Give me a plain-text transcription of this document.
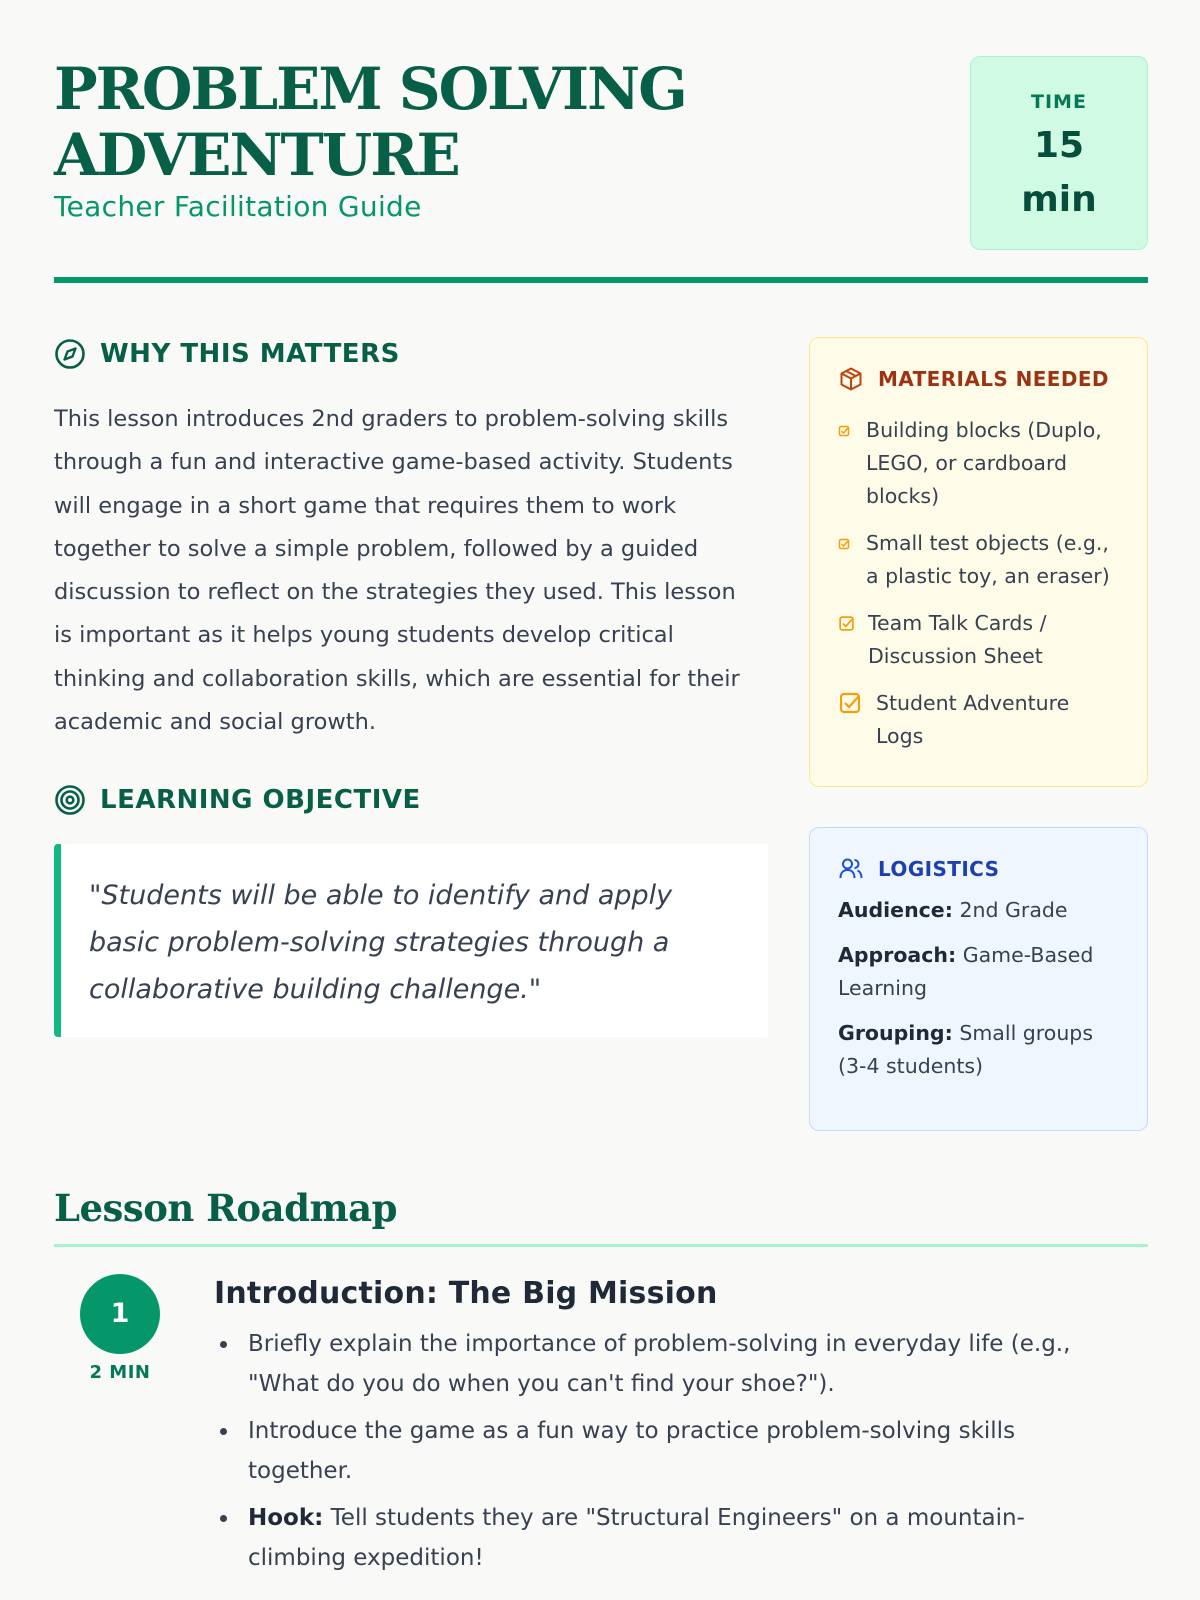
PROBLEM SOLVING ADVENTURE
Teacher Facilitation Guide
TIME
15
min
WHY THIS MATTERS

This lesson introduces 2nd graders to problem-solving skills through a fun and interactive game-based activity. Students will engage in a short game that requires them to work together to solve a simple problem, followed by a guided discussion to reflect on the strategies they used. This lesson is important as it helps young students develop critical thinking and collaboration skills, which are essential for their academic and social growth.

LEARNING OBJECTIVE

"Students will be able to identify and apply basic problem-solving strategies through a collaborative building challenge."

MATERIALS NEEDED
Building blocks (Duplo, LEGO, or cardboard blocks)
Small test objects (e.g., a plastic toy, an eraser)
Team Talk Cards / Discussion Sheet
Student Adventure Logs
LOGISTICS

Audience: 2nd Grade

Approach: Game-Based Learning

Grouping: Small groups (3-4 students)

Lesson Roadmap
1
2 MIN
Introduction: The Big Mission
Briefly explain the importance of problem-solving in everyday life (e.g., "What do you do when you can't find your shoe?").
Introduce the game as a fun way to practice problem-solving skills together.
Hook: Tell students they are "Structural Engineers" on a mountain-climbing expedition!
